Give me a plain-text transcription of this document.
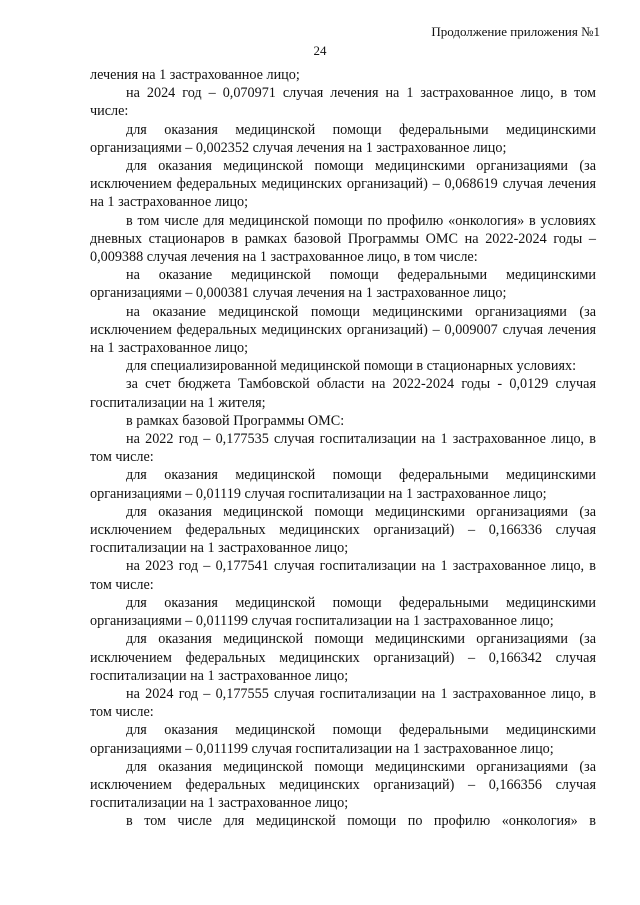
Продолжение приложения №1
24

лечения на 1 застрахованное лицо;

на 2024 год – 0,070971 случая лечения на 1 застрахованное лицо, в том числе:

для оказания медицинской помощи федеральными медицинскими организациями – 0,002352 случая лечения на 1 застрахованное лицо;

для оказания медицинской помощи медицинскими организациями (за исключением федеральных медицинских организаций) – 0,068619 случая лечения на 1 застрахованное лицо;

в том числе для медицинской помощи по профилю «онкология» в условиях дневных стационаров в рамках базовой Программы ОМС на 2022-2024 годы – 0,009388 случая лечения на 1 застрахованное лицо, в том числе:

на оказание медицинской помощи федеральными медицинскими организациями – 0,000381 случая лечения на 1 застрахованное лицо;

на оказание медицинской помощи медицинскими организациями (за исключением федеральных медицинских организаций) – 0,009007 случая лечения на 1 застрахованное лицо;

для специализированной медицинской помощи в стационарных условиях:

за счет бюджета Тамбовской области на 2022-2024 годы - 0,0129 случая госпитализации на 1 жителя;

в рамках базовой Программы ОМС:

на 2022 год – 0,177535 случая госпитализации на 1 застрахованное лицо, в том числе:

для оказания медицинской помощи федеральными медицинскими организациями – 0,01119 случая госпитализации на 1 застрахованное лицо;

для оказания медицинской помощи медицинскими организациями (за исключением федеральных медицинских организаций) – 0,166336 случая госпитализации на 1 застрахованное лицо;

на 2023 год – 0,177541 случая госпитализации на 1 застрахованное лицо, в том числе:

для оказания медицинской помощи федеральными медицинскими организациями – 0,011199 случая госпитализации на 1 застрахованное лицо;

для оказания медицинской помощи медицинскими организациями (за исключением федеральных медицинских организаций) – 0,166342 случая госпитализации на 1 застрахованное лицо;

на 2024 год – 0,177555 случая госпитализации на 1 застрахованное лицо, в том числе:

для оказания медицинской помощи федеральными медицинскими организациями – 0,011199 случая госпитализации на 1 застрахованное лицо;

для оказания медицинской помощи медицинскими организациями (за исключением федеральных медицинских организаций) – 0,166356 случая госпитализации на 1 застрахованное лицо;

в том числе для медицинской помощи по профилю «онкология» в
